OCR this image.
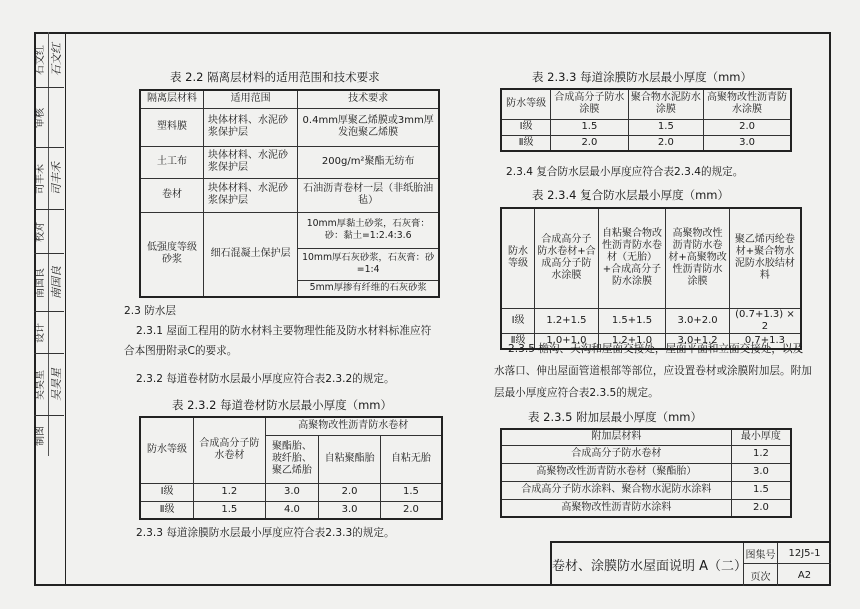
石文红 石文红
审核
司丰禾 司丰禾
校对
南国良 南国良
设计
吴昊星 吴昊星
制图
表 2.2 隔离层材料的适用范围和技术要求
隔离层材料	适用范围	技术要求
塑料膜	块体材料、水泥砂浆保护层	0.4mm厚聚乙烯膜或3mm厚发泡聚乙烯膜
土工布	块体材料、水泥砂浆保护层	200g/m²聚酯无纺布
卷材	块体材料、水泥砂浆保护层	石油沥青卷材一层（非纸胎油毡）
低强度等级砂浆	细石混凝土保护层	10mm厚黏土砂浆，石灰膏：砂：黏土=1:2.4:3.6
		10mm厚石灰砂浆，石灰膏：砂=1:4
		5mm厚掺有纤维的石灰砂浆
2.3 防水层
2.3.1 屋面工程用的防水材料主要物理性能及防水材料标准应符
合本图册附录C的要求。
2.3.2 每道卷材防水层最小厚度应符合表2.3.2的规定。
表 2.3.2 每道卷材防水层最小厚度（mm）
防水等级	合成高分子防水卷材	高聚物改性沥青防水卷材		
		聚酯胎、玻纤胎、聚乙烯胎	自粘聚酯胎	自粘无胎
Ⅰ级	1.2	3.0	2.0	1.5
Ⅱ级	1.5	4.0	3.0	2.0
2.3.3 每道涂膜防水层最小厚度应符合表2.3.3的规定。
表 2.3.3 每道涂膜防水层最小厚度（mm）
防水等级	合成高分子防水涂膜	聚合物水泥防水涂膜	高聚物改性沥青防水涂膜
Ⅰ级	1.5	1.5	2.0
Ⅱ级	2.0	2.0	3.0
2.3.4 复合防水层最小厚度应符合表2.3.4的规定。
表 2.3.4 复合防水层最小厚度（mm）
防水等级	合成高分子防水卷材+合成高分子防水涂膜	自粘聚合物改性沥青防水卷材（无胎）+合成高分子防水涂膜	高聚物改性沥青防水卷材+高聚物改性沥青防水涂膜	聚乙烯丙纶卷材+聚合物水泥防水胶结材料
Ⅰ级	1.2+1.5	1.5+1.5	3.0+2.0	(0.7+1.3) × 2
Ⅱ级	1.0+1.0	1.2+1.0	3.0+1.2	0.7+1.3
2.3.5 檐沟、天沟和屋面交接处，屋面平面和立面交接处，以及
水落口、伸出屋面管道根部等部位，应设置卷材或涂膜附加层。附加
层最小厚度应符合表2.3.5的规定。
表 2.3.5 附加层最小厚度（mm）
附加层材料	最小厚度
合成高分子防水卷材	1.2
高聚物改性沥青防水卷材（聚酯胎）	3.0
合成高分子防水涂料、聚合物水泥防水涂料	1.5
高聚物改性沥青防水涂料	2.0
卷材、涂膜防水屋面说明 A（二）
图集号	12J5-1
页次	A2
